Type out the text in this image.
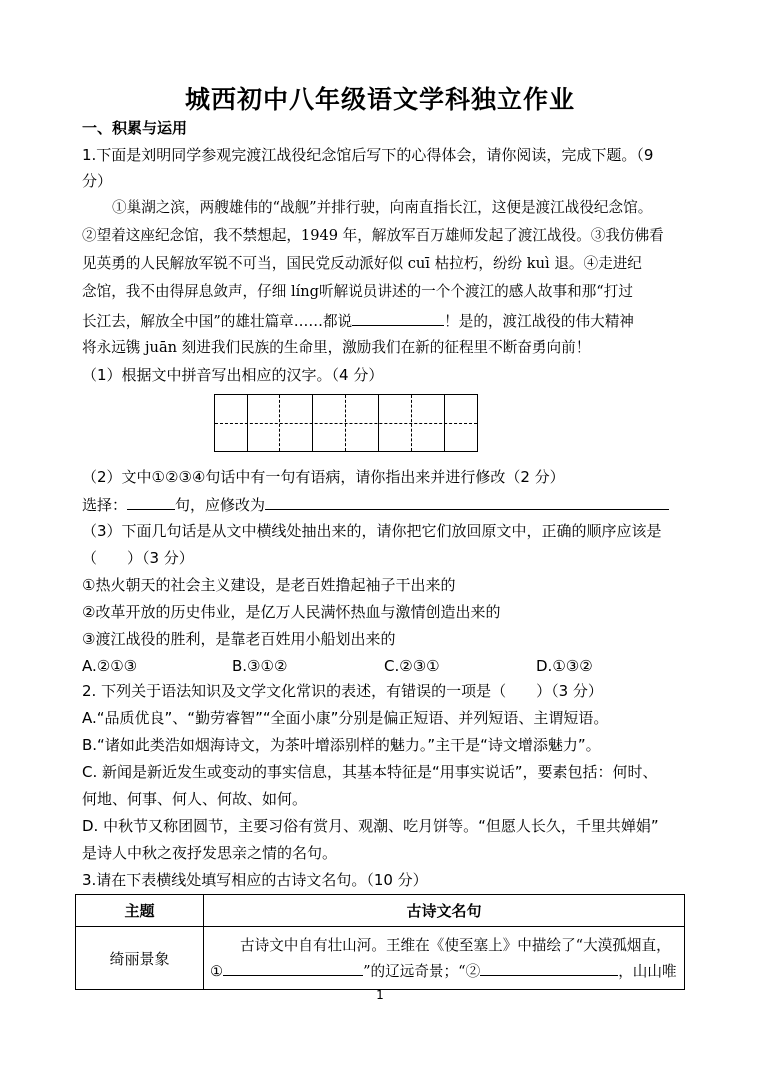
城西初中八年级语文学科独立作业
一、积累与运用
1.下面是刘明同学参观完渡江战役纪念馆后写下的心得体会，请你阅读，完成下题。（9
分）
①巢湖之滨，两艘雄伟的“战舰”并排行驶，向南直指长江，这便是渡江战役纪念馆。
②望着这座纪念馆，我不禁想起，1949 年，解放军百万雄师发起了渡江战役。③我仿佛看
见英勇的人民解放军锐不可当，国民党反动派好似 cuī 枯拉朽，纷纷 kuì 退。④走进纪
念馆，我不由得屏息敛声，仔细 líng听解说员讲述的一个个渡江的感人故事和那“打过
长江去，解放全中国”的雄壮篇章……都说	！是的，渡江战役的伟大精神
将永远镌 juān 刻进我们民族的生命里，激励我们在新的征程里不断奋勇向前！
（1）根据文中拼音写出相应的汉字。（4 分）
（2）文中①②③④句话中有一句有语病，请你指出来并进行修改（2 分）
选择：	句，应修改为
（3）下面几句话是从文中横线处抽出来的，请你把它们放回原文中，正确的顺序应该是
（　　）（3 分）
①热火朝天的社会主义建设，是老百姓撸起袖子干出来的
②改革开放的历史伟业，是亿万人民满怀热血与激情创造出来的
③渡江战役的胜利，是靠老百姓用小船划出来的
A.②①③	B.③①②	C.②③①	D.①③②
2. 下列关于语法知识及文学文化常识的表述，有错误的一项是（　　）（3 分）
A.“品质优良”、“勤劳睿智”“全面小康”分别是偏正短语、并列短语、主谓短语。
B.“诸如此类浩如烟海诗文，为茶叶增添别样的魅力。”主干是“诗文增添魅力”。
C. 新闻是新近发生或变动的事实信息，其基本特征是“用事实说话”，要素包括：何时、
何地、何事、何人、何故、如何。
D. 中秋节又称团圆节，主要习俗有赏月、观潮、吃月饼等。“但愿人长久，千里共婵娟”
是诗人中秋之夜抒发思亲之情的名句。
3.请在下表横线处填写相应的古诗文名句。（10 分）
主题	古诗文名句
绮丽景象	古诗文中自有壮山河。王维在《使至塞上》中描绘了“大漠孤烟直，
① ”的辽远奇景；“② ，山山唯
1
